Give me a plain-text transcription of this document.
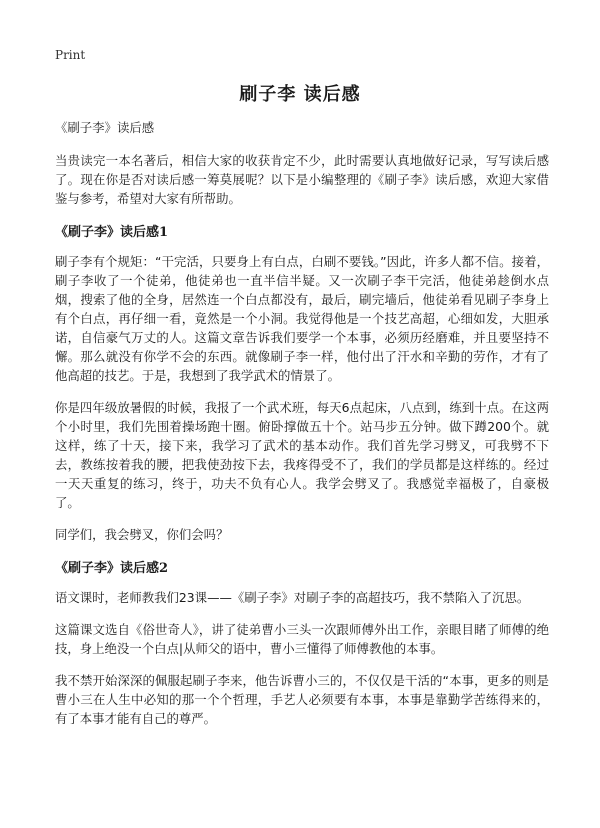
Print
刷子李 读后感

《刷子李》读后感

当贵读完一本名著后，相信大家的收获肯定不少，此时需要认真地做好记录，写写读后感了。现在你是否对读后感一筹莫展呢？以下是小编整理的《刷子李》读后感，欢迎大家借鉴与参考，希望对大家有所帮助。

《刷子李》读后感1

刷子李有个规矩：“干完活，只要身上有白点，白刷不要钱。”因此，许多人都不信。接着，刷子李收了一个徒弟，他徒弟也一直半信半疑。又一次刷子李干完活，他徒弟趁倒水点烟，搜索了他的全身，居然连一个白点都没有，最后，刷完墙后，他徒弟看见刷子李身上有个白点，再仔细一看，竟然是一个小洞。我觉得他是一个技艺高超，心细如发，大胆承诺，自信豪气万丈的人。这篇文章告诉我们要学一个本事，必须历经磨难，并且要坚持不懈。那么就没有你学不会的东西。就像刷子李一样，他付出了汗水和辛勤的劳作，才有了他高超的技艺。于是，我想到了我学武术的情景了。

你是四年级放暑假的时候，我报了一个武术班，每天6点起床，八点到，练到十点。在这两个小时里，我们先围着操场跑十圈。俯卧撑做五十个。站马步五分钟。做下蹲200个。就这样，练了十天，接下来，我学习了武术的基本动作。我们首先学习劈叉，可我劈不下去，教练按着我的腰，把我使劲按下去，我疼得受不了，我们的学员都是这样练的。经过一天天重复的练习，终于，功夫不负有心人。我学会劈叉了。我感觉幸福极了，自豪极了。

同学们，我会劈叉，你们会吗？

《刷子李》读后感2

语文课时，老师教我们23课——《刷子李》对刷子李的高超技巧，我不禁陷入了沉思。

这篇课文选自《俗世奇人》，讲了徒弟曹小三头一次跟师傅外出工作，亲眼目睹了师傅的绝技，身上绝没一个白点|从师父的语中，曹小三懂得了师傅教他的本事。

我不禁开始深深的佩服起刷子李来，他告诉曹小三的，不仅仅是干活的“本事，更多的则是曹小三在人生中必知的那一个个哲理，手艺人必须要有本事，本事是靠勤学苦练得来的，有了本事才能有自己的尊严。
